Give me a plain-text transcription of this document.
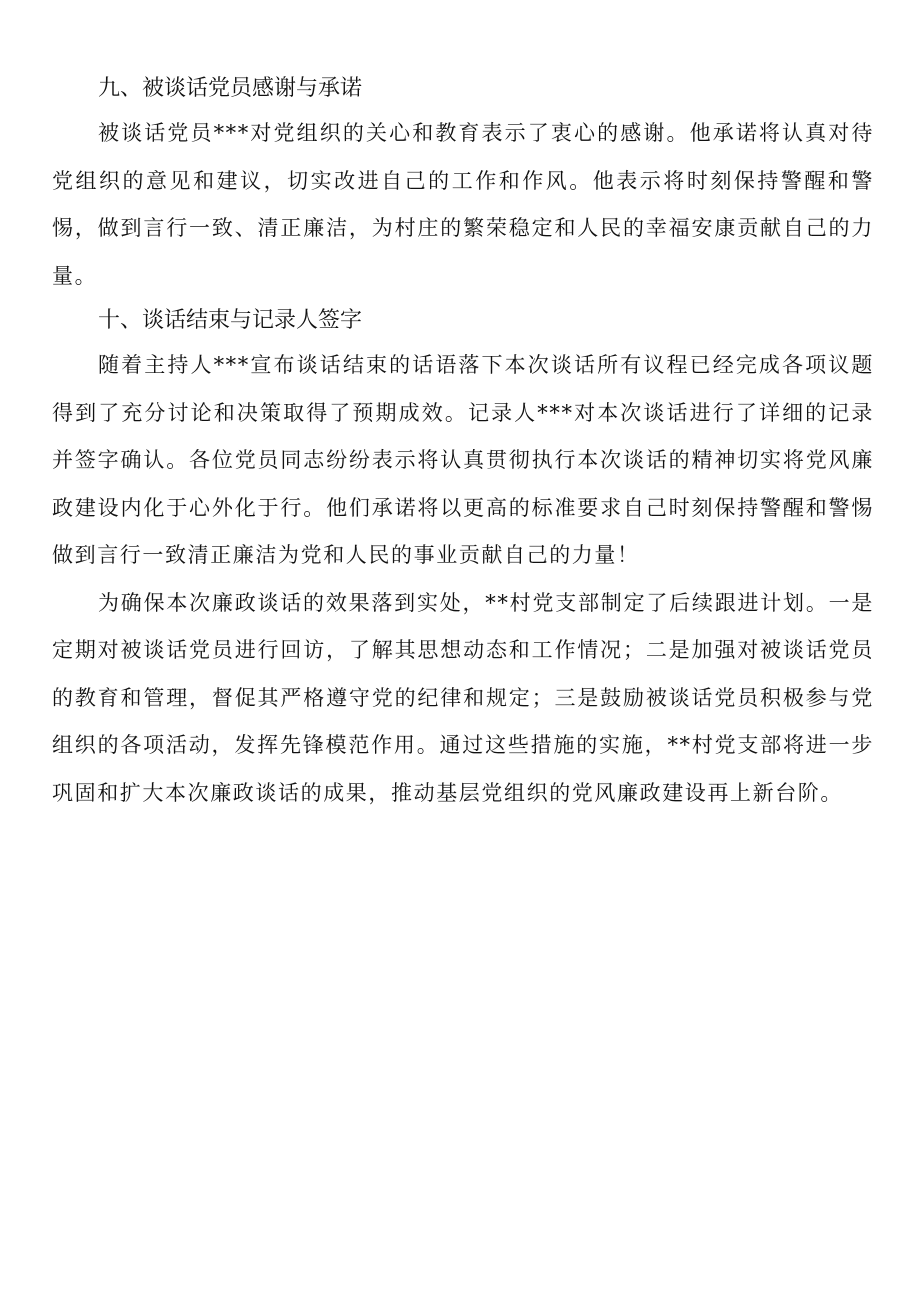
九、被谈话党员感谢与承诺

被谈话党员***对党组织的关心和教育表示了衷心的感谢。他承诺将认真对待党组织的意见和建议，切实改进自己的工作和作风。他表示将时刻保持警醒和警惕，做到言行一致、清正廉洁，为村庄的繁荣稳定和人民的幸福安康贡献自己的力量。

十、谈话结束与记录人签字

随着主持人***宣布谈话结束的话语落下本次谈话所有议程已经完成各项议题得到了充分讨论和决策取得了预期成效。记录人***对本次谈话进行了详细的记录并签字确认。各位党员同志纷纷表示将认真贯彻执行本次谈话的精神切实将党风廉政建设内化于心外化于行。他们承诺将以更高的标准要求自己时刻保持警醒和警惕做到言行一致清正廉洁为党和人民的事业贡献自己的力量！

为确保本次廉政谈话的效果落到实处，**村党支部制定了后续跟进计划。一是定期对被谈话党员进行回访，了解其思想动态和工作情况；二是加强对被谈话党员的教育和管理，督促其严格遵守党的纪律和规定；三是鼓励被谈话党员积极参与党组织的各项活动，发挥先锋模范作用。通过这些措施的实施，**村党支部将进一步巩固和扩大本次廉政谈话的成果，推动基层党组织的党风廉政建设再上新台阶。
